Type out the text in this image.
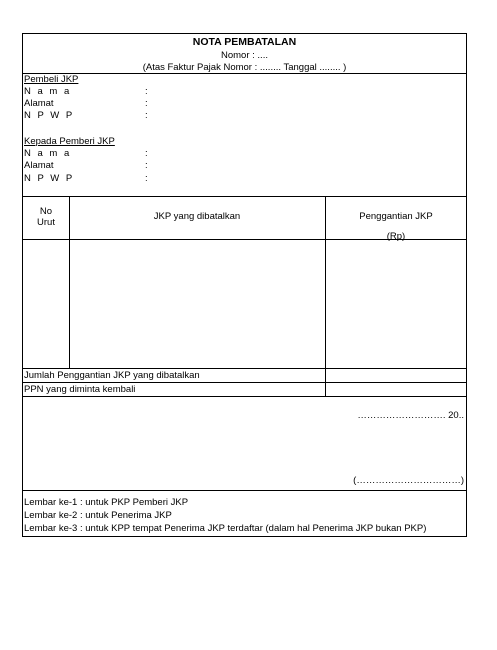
NOTA PEMBATALAN
Nomor : ....
(Atas Faktur Pajak Nomor : ........ Tanggal ........ )
Pembeli JKP
N a m a	:
Alamat	:
N P W P	:
Kepada Pemberi JKP
N a m a	:
Alamat	:
N P W P	:
No
Urut
JKP yang dibatalkan	Penggantian JKP
(Rp)
Jumlah Penggantian JKP yang dibatalkan
PPN yang diminta kembali
………………………. 20..
(……………………………)
Lembar ke-1 : untuk PKP Pemberi JKP
Lembar ke-2 : untuk Penerima JKP
Lembar ke-3 : untuk KPP tempat Penerima JKP terdaftar (dalam hal Penerima JKP bukan PKP)
